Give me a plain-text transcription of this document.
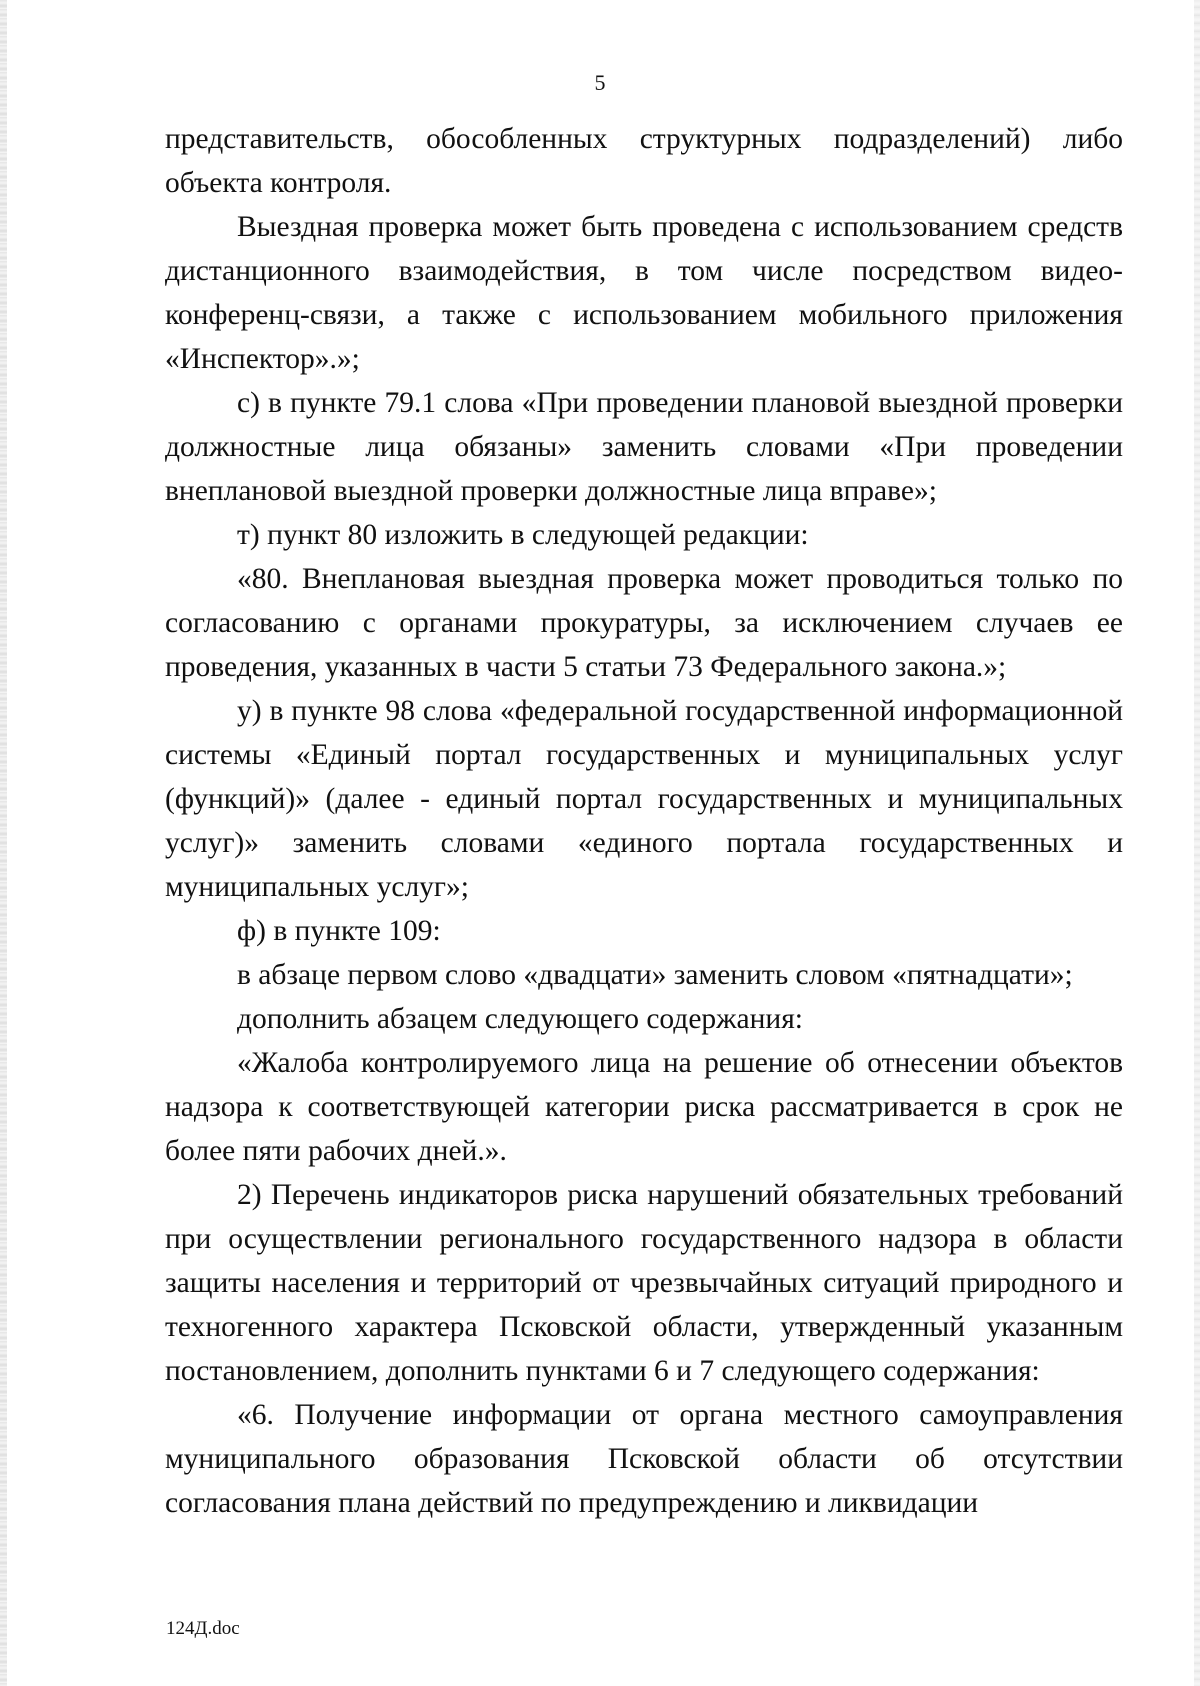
5

представительств, обособленных структурных подразделений) либо объекта контроля.

Выездная проверка может быть проведена с использованием средств дистанционного взаимодействия, в том числе посредством видео-конференц-связи, а также с использованием мобильного приложения «Инспектор».»;

с) в пункте 79.1 слова «При проведении плановой выездной проверки должностные лица обязаны» заменить словами «При проведении внеплановой выездной проверки должностные лица вправе»;

т) пункт 80 изложить в следующей редакции:

«80. Внеплановая выездная проверка может проводиться только по согласованию с органами прокуратуры, за исключением случаев ее проведения, указанных в части 5 статьи 73 Федерального закона.»;

у) в пункте 98 слова «федеральной государственной информационной системы «Единый портал государственных и муниципальных услуг (функций)» (далее - единый портал государственных и муниципальных услуг)» заменить словами «единого портала государственных и муниципальных услуг»;

ф) в пункте 109:

в абзаце первом слово «двадцати» заменить словом «пятнадцати»;

дополнить абзацем следующего содержания:

«Жалоба контролируемого лица на решение об отнесении объектов надзора к соответствующей категории риска рассматривается в срок не более пяти рабочих дней.».

2) Перечень индикаторов риска нарушений обязательных требований при осуществлении регионального государственного надзора в области защиты населения и территорий от чрезвычайных ситуаций природного и техногенного характера Псковской области, утвержденный указанным постановлением, дополнить пунктами 6 и 7 следующего содержания:

«6. Получение информации от органа местного самоуправления муниципального образования Псковской области об отсутствии согласования плана действий по предупреждению и ликвидации

124Д.doc
